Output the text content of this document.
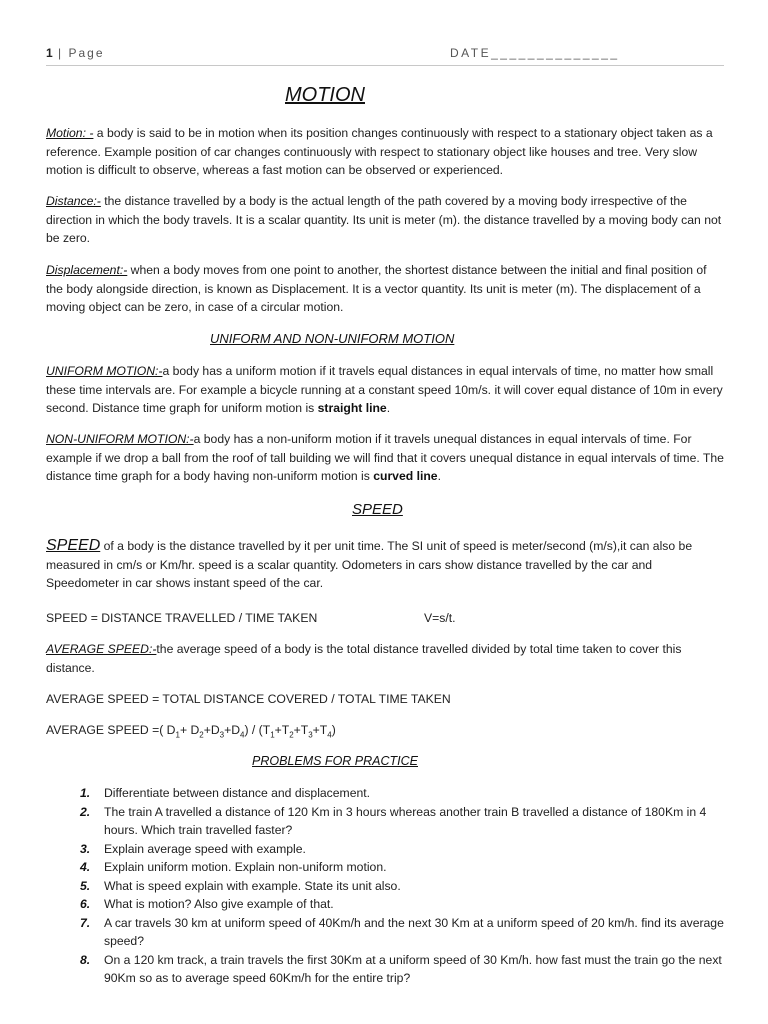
1 | Page	DATE______________
MOTION
Motion: - a body is said to be in motion when its position changes continuously with respect to a stationary object taken as a reference. Example position of car changes continuously with respect to stationary object like houses and tree. Very slow motion is difficult to observe, whereas a fast motion can be observed or experienced.
Distance:- the distance travelled by a body is the actual length of the path covered by a moving body irrespective of the direction in which the body travels. It is a scalar quantity. Its unit is meter (m). the distance travelled by a moving body can not be zero.
Displacement:- when a body moves from one point to another, the shortest distance between the initial and final position of the body alongside direction, is known as Displacement. It is a vector quantity. Its unit is meter (m). The displacement of a moving object can be zero, in case of a circular motion.
UNIFORM AND NON-UNIFORM MOTION
UNIFORM MOTION:-a body has a uniform motion if it travels equal distances in equal intervals of time, no matter how small these time intervals are. For example a bicycle running at a constant speed 10m/s. it will cover equal distance of 10m in every second. Distance time graph for uniform motion is straight line.
NON-UNIFORM MOTION:-a body has a non-uniform motion if it travels unequal distances in equal intervals of time. For example if we drop a ball from the roof of tall building we will find that it covers unequal distance in equal intervals of time. The distance time graph for a body having non-uniform motion is curved line.
SPEED
SPEED of a body is the distance travelled by it per unit time. The SI unit of speed is meter/second (m/s),it can also be measured in cm/s or Km/hr. speed is a scalar quantity. Odometers in cars show distance travelled by the car and Speedometer in car shows instant speed of the car.
SPEED = DISTANCE TRAVELLED / TIME TAKEN	V=s/t.
AVERAGE SPEED:-the average speed of a body is the total distance travelled divided by total time taken to cover this distance.
AVERAGE SPEED = TOTAL DISTANCE COVERED / TOTAL TIME TAKEN
AVERAGE SPEED =( $D_1+ D_2+D_3+D_4) / (T_1+T_2+T_3+T_4)$
PROBLEMS FOR PRACTICE
1. Differentiate between distance and displacement.
2. The train A travelled a distance of 120 Km in 3 hours whereas another train B travelled a distance of 180Km in 4 hours. Which train travelled faster?
3. Explain average speed with example.
4. Explain uniform motion. Explain non-uniform motion.
5. What is speed explain with example. State its unit also.
6. What is motion? Also give example of that.
7. A car travels 30 km at uniform speed of 40Km/h and the next 30 Km at a uniform speed of 20 km/h. find its average speed?
8. On a 120 km track, a train travels the first 30Km at a uniform speed of 30 Km/h. how fast must the train go the next 90Km so as to average speed 60Km/h for the entire trip?
